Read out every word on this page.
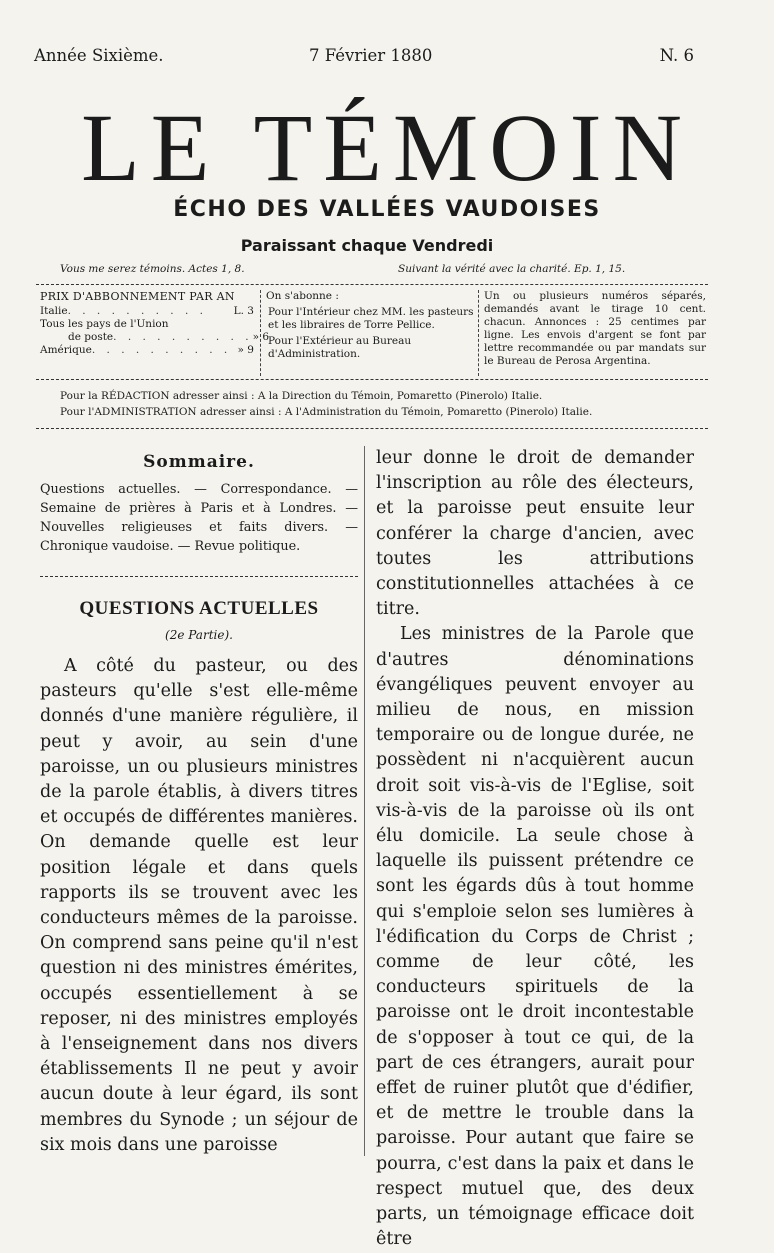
Année Sixième.	7 Février 1880	N. 6
LE TÉMOIN
ÉCHO DES VALLÉES VAUDOISES
Paraissant chaque Vendredi
Vous me serez témoins. Actes 1, 8.	Suivant la vérité avec la charité. Ep. 1, 15.
PRIX D'ABBONNEMENT PAR AN
Italie . . . . . . . . . .	L. 3
Tous les pays de l'Union
de poste . . . . . . . . . . » 6
Amérique . . . . . . . . . . » 9
On s'abonne :
Pour l'Intérieur chez MM. les pasteurs et les libraires de Torre Pellice.
Pour l'Extérieur au Bureau d'Administration.
Un ou plusieurs numéros séparés, demandés avant le tirage 10 cent. chacun. Annonces : 25 centimes par ligne. Les envois d'argent se font par lettre recommandée ou par mandats sur le Bureau de Perosa Argentina.
Pour la RÉDACTION adresser ainsi : A la Direction du Témoin, Pomaretto (Pinerolo) Italie.
Pour l'ADMINISTRATION adresser ainsi : A l'Administration du Témoin, Pomaretto (Pinerolo) Italie.
Sommaire.
Questions actuelles. — Correspondance. — Semaine de prières à Paris et à Londres. — Nouvelles religieuses et faits divers. — Chronique vaudoise. — Revue politique.
QUESTIONS ACTUELLES
(2e Partie).

A côté du pasteur, ou des pasteurs qu'elle s'est elle-même donnés d'une manière régulière, il peut y avoir, au sein d'une paroisse, un ou plusieurs ministres de la parole établis, à divers titres et occupés de différentes manières. On demande quelle est leur position légale et dans quels rapports ils se trouvent avec les conducteurs mêmes de la paroisse. On comprend sans peine qu'il n'est question ni des ministres émérites, occupés essentiellement à se reposer, ni des ministres employés à l'enseignement dans nos divers établissements Il ne peut y avoir aucun doute à leur égard, ils sont membres du Synode ; un séjour de six mois dans une paroisse

leur donne le droit de demander l'inscription au rôle des électeurs, et la paroisse peut ensuite leur conférer la charge d'ancien, avec toutes les attributions constitutionnelles attachées à ce titre.

Les ministres de la Parole que d'autres dénominations évangéliques peuvent envoyer au milieu de nous, en mission temporaire ou de longue durée, ne possèdent ni n'acquièrent aucun droit soit vis-à-vis de l'Eglise, soit vis-à-vis de la paroisse où ils ont élu domicile. La seule chose à laquelle ils puissent prétendre ce sont les égards dûs à tout homme qui s'emploie selon ses lumières à l'édification du Corps de Christ ; comme de leur côté, les conducteurs spirituels de la paroisse ont le droit incontestable de s'opposer à tout ce qui, de la part de ces étrangers, aurait pour effet de ruiner plutôt que d'édifier, et de mettre le trouble dans la paroisse. Pour autant que faire se pourra, c'est dans la paix et dans le respect mutuel que, des deux parts, un témoignage efficace doit être
